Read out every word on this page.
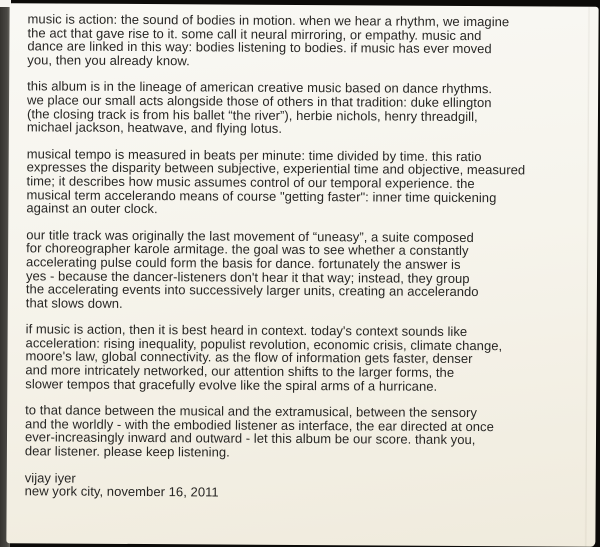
music is action: the sound of bodies in motion. when we hear a rhythm, we imagine
the act that gave rise to it. some call it neural mirroring, or empathy. music and
dance are linked in this way: bodies listening to bodies. if music has ever moved
you, then you already know.

this album is in the lineage of american creative music based on dance rhythms.
we place our small acts alongside those of others in that tradition: duke ellington
(the closing track is from his ballet “the river”), herbie nichols, henry threadgill,
michael jackson, heatwave, and flying lotus.

musical tempo is measured in beats per minute: time divided by time. this ratio
expresses the disparity between subjective, experiential time and objective, measured
time; it describes how music assumes control of our temporal experience. the
musical term accelerando means of course "getting faster": inner time quickening
against an outer clock.

our title track was originally the last movement of “uneasy”, a suite composed
for choreographer karole armitage. the goal was to see whether a constantly
accelerating pulse could form the basis for dance. fortunately the answer is
yes - because the dancer-listeners don't hear it that way; instead, they group
the accelerating events into successively larger units, creating an accelerando
that slows down.

if music is action, then it is best heard in context. today's context sounds like
acceleration: rising inequality, populist revolution, economic crisis, climate change,
moore's law, global connectivity. as the flow of information gets faster, denser
and more intricately networked, our attention shifts to the larger forms, the
slower tempos that gracefully evolve like the spiral arms of a hurricane.

to that dance between the musical and the extramusical, between the sensory
and the worldly - with the embodied listener as interface, the ear directed at once
ever-increasingly inward and outward - let this album be our score. thank you,
dear listener. please keep listening.

vijay iyer
new york city, november 16, 2011
